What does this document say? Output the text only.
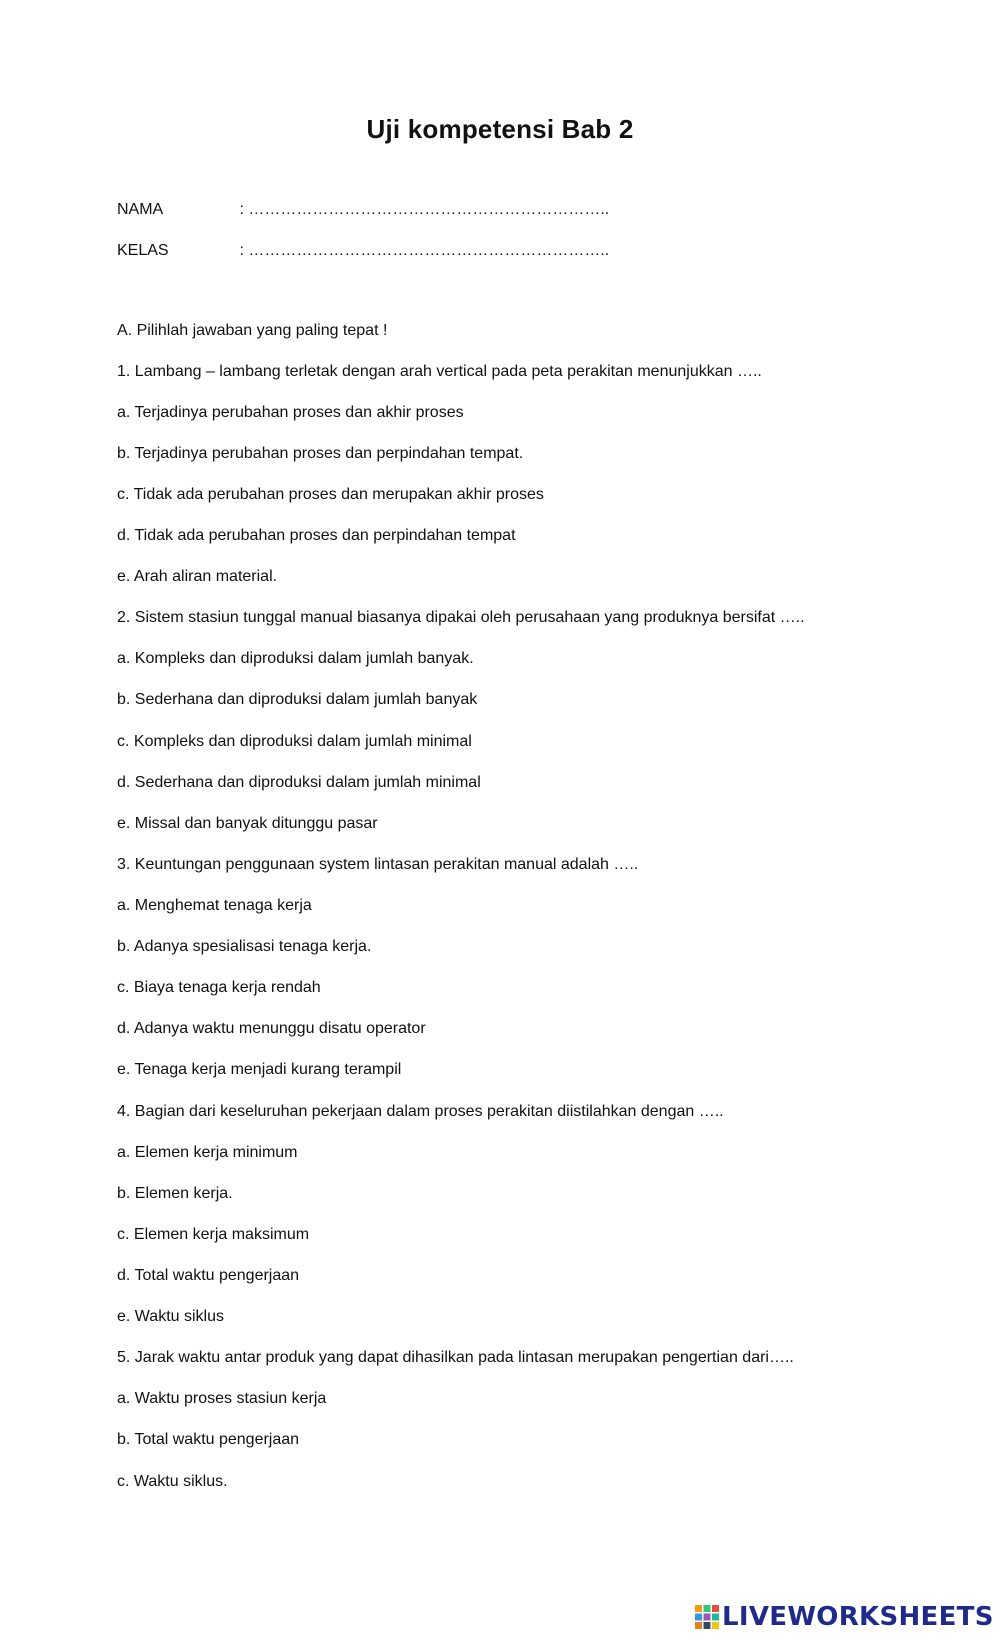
Uji kompetensi Bab 2
NAMA	: …………………………………………………………..
KELAS	: …………………………………………………………..
A. Pilihlah jawaban yang paling tepat !
1. Lambang – lambang terletak dengan arah vertical pada peta perakitan menunjukkan …..
a. Terjadinya perubahan proses dan akhir proses
b. Terjadinya perubahan proses dan perpindahan tempat.
c. Tidak ada perubahan proses dan merupakan akhir proses
d. Tidak ada perubahan proses dan perpindahan tempat
e. Arah aliran material.
2. Sistem stasiun tunggal manual biasanya dipakai oleh perusahaan yang produknya bersifat …..
a. Kompleks dan diproduksi dalam jumlah banyak.
b. Sederhana dan diproduksi dalam jumlah banyak
c. Kompleks dan diproduksi dalam jumlah minimal
d. Sederhana dan diproduksi dalam jumlah minimal
e. Missal dan banyak ditunggu pasar
3. Keuntungan penggunaan system lintasan perakitan manual adalah …..
a. Menghemat tenaga kerja
b. Adanya spesialisasi tenaga kerja.
c. Biaya tenaga kerja rendah
d. Adanya waktu menunggu disatu operator
e. Tenaga kerja menjadi kurang terampil
4. Bagian dari keseluruhan pekerjaan dalam proses perakitan diistilahkan dengan …..
a. Elemen kerja minimum
b. Elemen kerja.
c. Elemen kerja maksimum
d. Total waktu pengerjaan
e. Waktu siklus
5. Jarak waktu antar produk yang dapat dihasilkan pada lintasan merupakan pengertian dari…..
a. Waktu proses stasiun kerja
b. Total waktu pengerjaan
c. Waktu siklus.
LIVEWORKSHEETS
